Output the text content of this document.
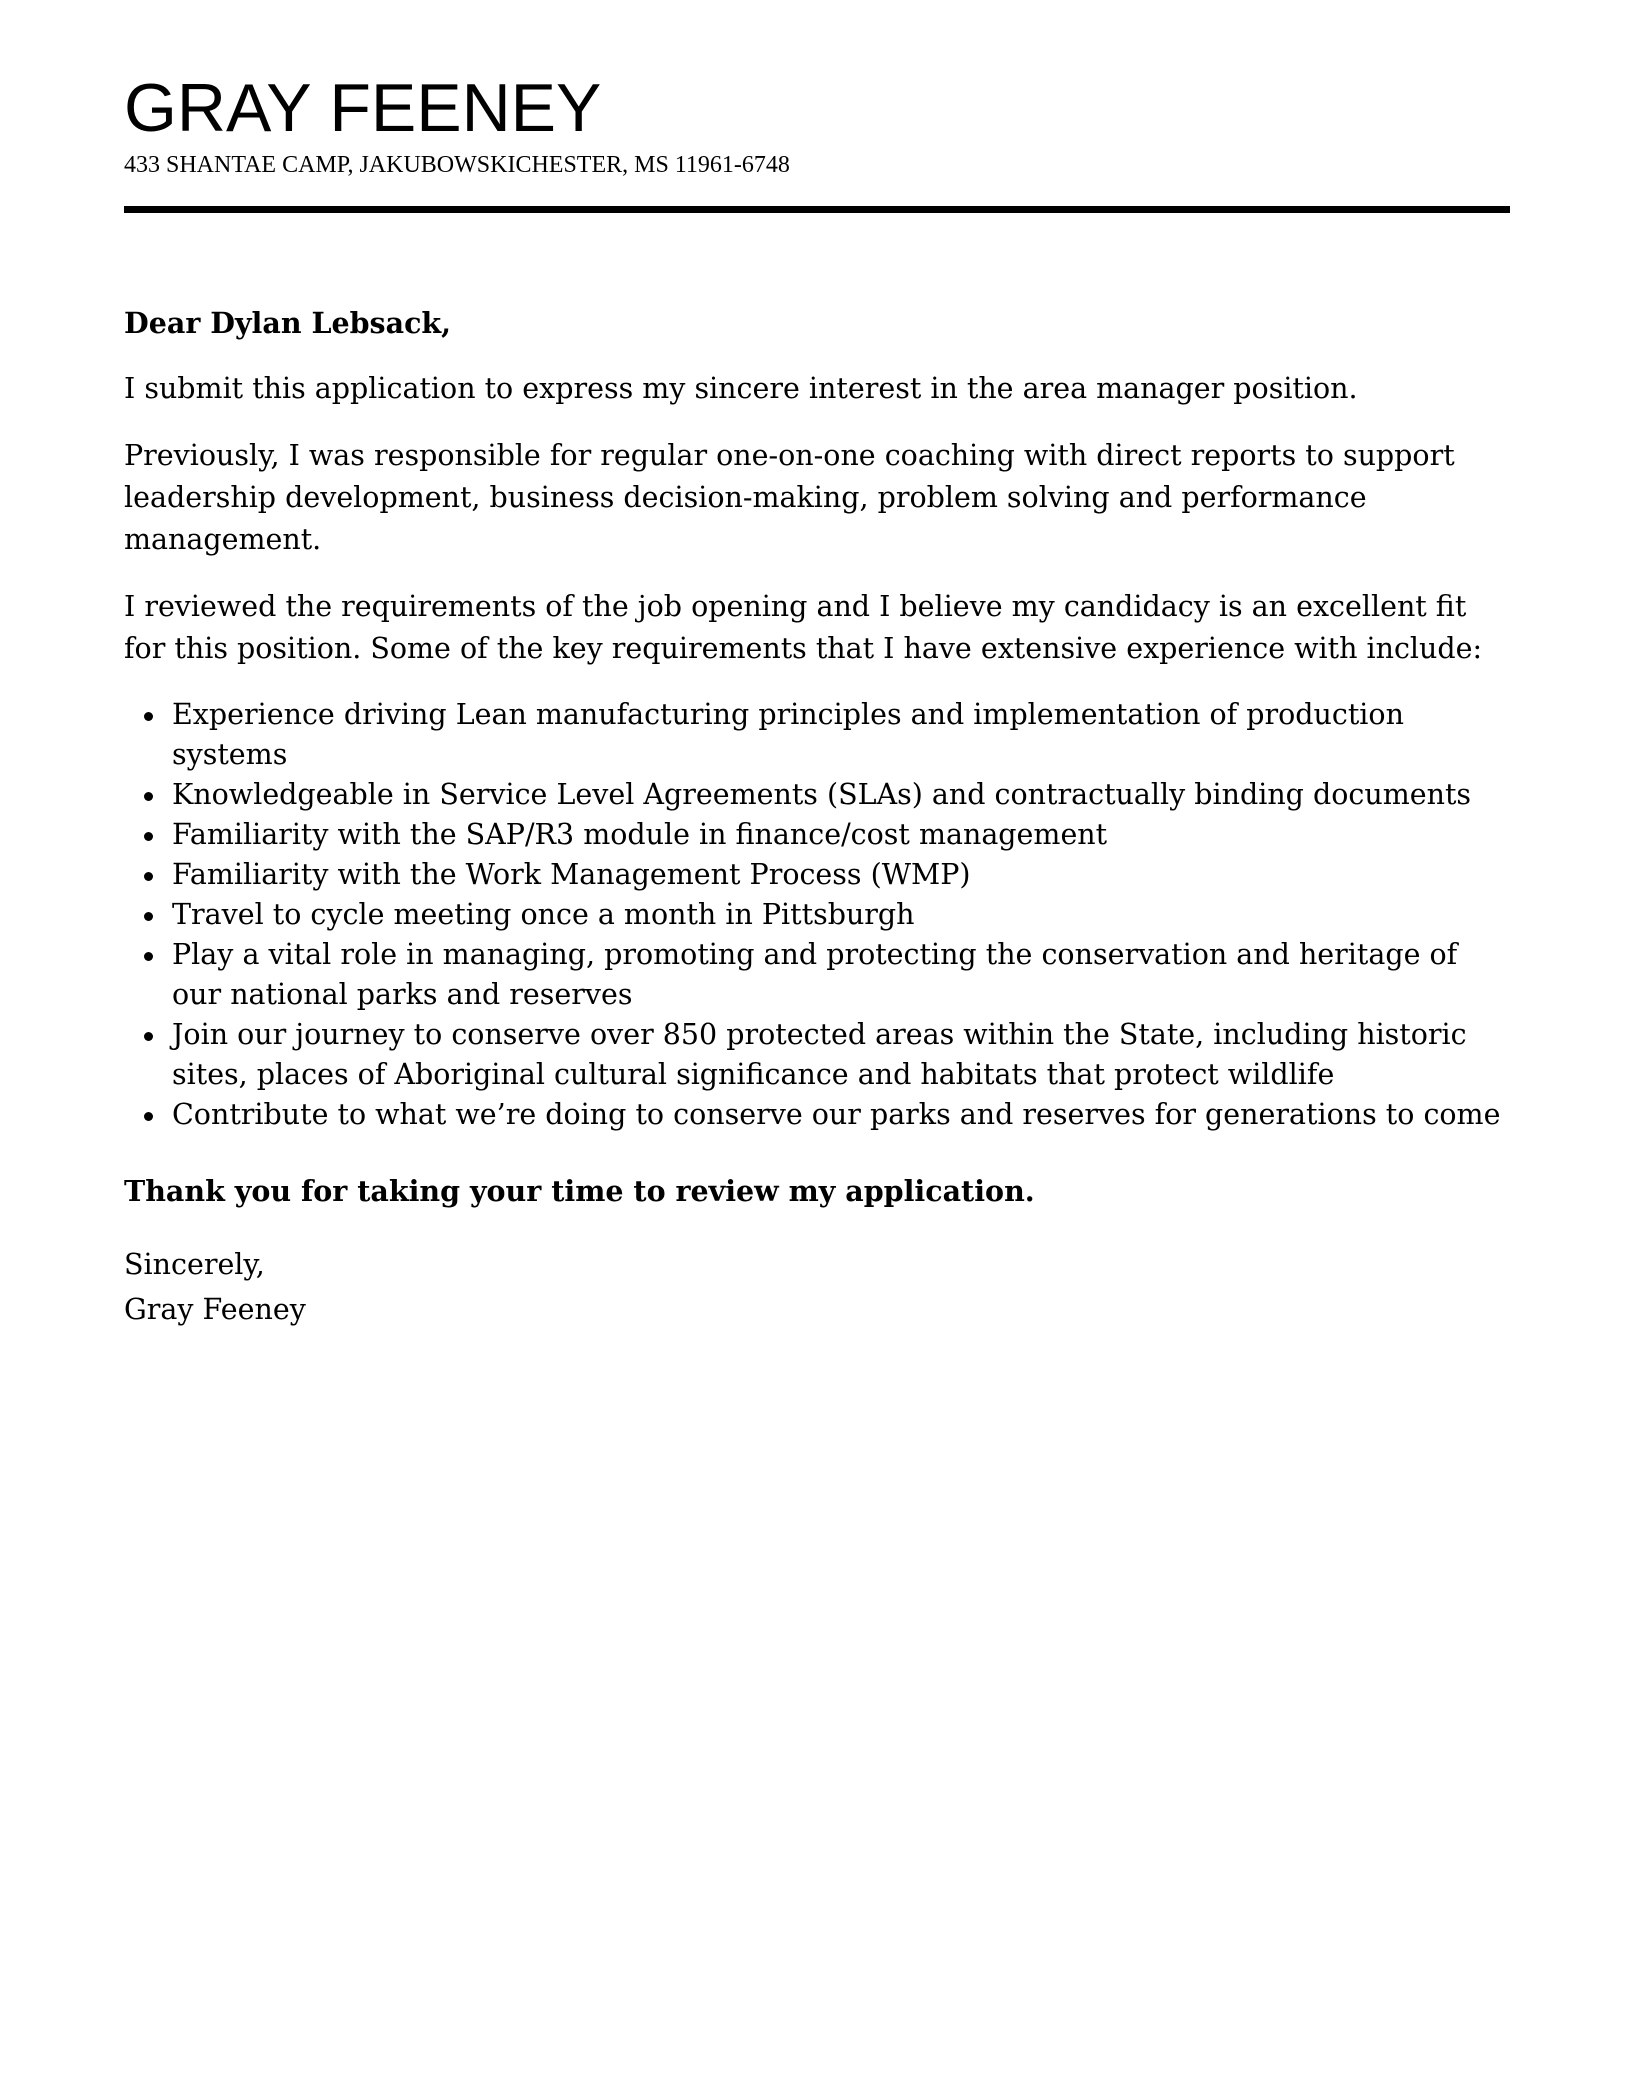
GRAY FEENEY
433 SHANTAE CAMP, JAKUBOWSKICHESTER, MS 11961-6748

Dear Dylan Lebsack,

I submit this application to express my sincere interest in the area manager position.

Previously, I was responsible for regular one-on-one coaching with direct reports to support leadership development, business decision-making, problem solving and performance management.

I reviewed the requirements of the job opening and I believe my candidacy is an excellent fit for this position. Some of the key requirements that I have extensive experience with include:

Experience driving Lean manufacturing principles and implementation of production systems
Knowledgeable in Service Level Agreements (SLAs) and contractually binding documents
Familiarity with the SAP/R3 module in finance/cost management
Familiarity with the Work Management Process (WMP)
Travel to cycle meeting once a month in Pittsburgh
Play a vital role in managing, promoting and protecting the conservation and heritage of our national parks and reserves
Join our journey to conserve over 850 protected areas within the State, including historic sites, places of Aboriginal cultural significance and habitats that protect wildlife
Contribute to what we’re doing to conserve our parks and reserves for generations to come

Thank you for taking your time to review my application.

Sincerely,
Gray Feeney
